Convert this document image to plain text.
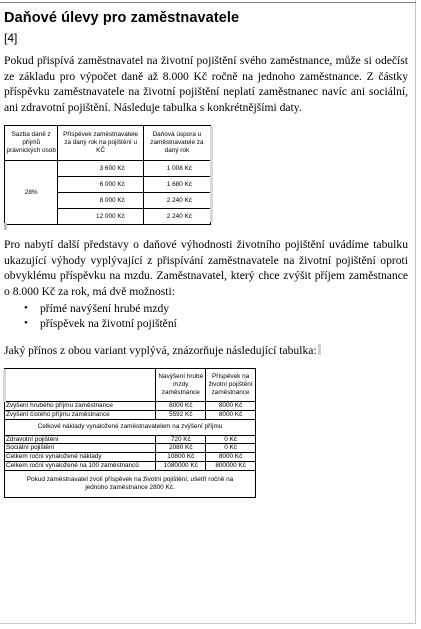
Daňové úlevy pro zaměstnavatele
[4]

Pokud přispívá zaměstnavatel na životní pojištění svého zaměstnance, může si odečíst ze základu pro výpočet daně až 8.000 Kč ročně na jednoho zaměstnance. Z částky příspěvku zaměstnavatele na životní pojištění neplatí zaměstnanec navíc ani sociální, ani zdravotní pojištění. Následuje tabulka s konkrétnějšími daty.

Sazba daně z příjmů právnických osob	Příspěvek zaměstnavatele za daný rok na pojištění u KČ	Daňová úspora u zaměstnavatele za daný rok
28%	3 600 Kč	1 008 Kč
	6 000 Kč	1 680 Kč
	8 000 Kč	2 240 Kč
	12 000 Kč	2 240 Kč

Pro nabytí další představy o daňové výhodnosti životního pojištění uvádíme tabulku ukazující výhody vyplývající z přispívání zaměstnavatele na životní pojištění oproti obvyklému příspěvku na mzdu. Zaměstnavatel, který chce zvýšit příjem zaměstnance o 8.000 Kč za rok, má dvě možnosti:

• přímé navýšení hrubé mzdy
• příspěvek na životní pojištění

Jaký přínos z obou variant vyplývá, znázorňuje následující tabulka:

	Navýšení hrubé mzdy zaměstnance	Příspěvek na životní pojištění zaměstnance
Zvýšení hrubého příjmu zaměstnance	8000 Kč	8000 Kč
Zvýšení čistého příjmu zaměstnance	5592 Kč	8000 Kč
Celkové náklady vynaložené zaměstnavatelem na zvýšení příjmu		
Zdravotní pojištění	720 Kč	0 Kč
Sociální pojištění	2080 Kč	0 Kč
Celkem roční vynaložené náklady	10800 Kč	8000 Kč
Celkem roční vynaložené na 100 zaměstnanců	1080000 Kč	800000 Kč
Pokud zaměstnavatel zvolí příspěvek na životní pojištění, ušetří ročně na jednoho zaměstnance 2800 Kč.		
